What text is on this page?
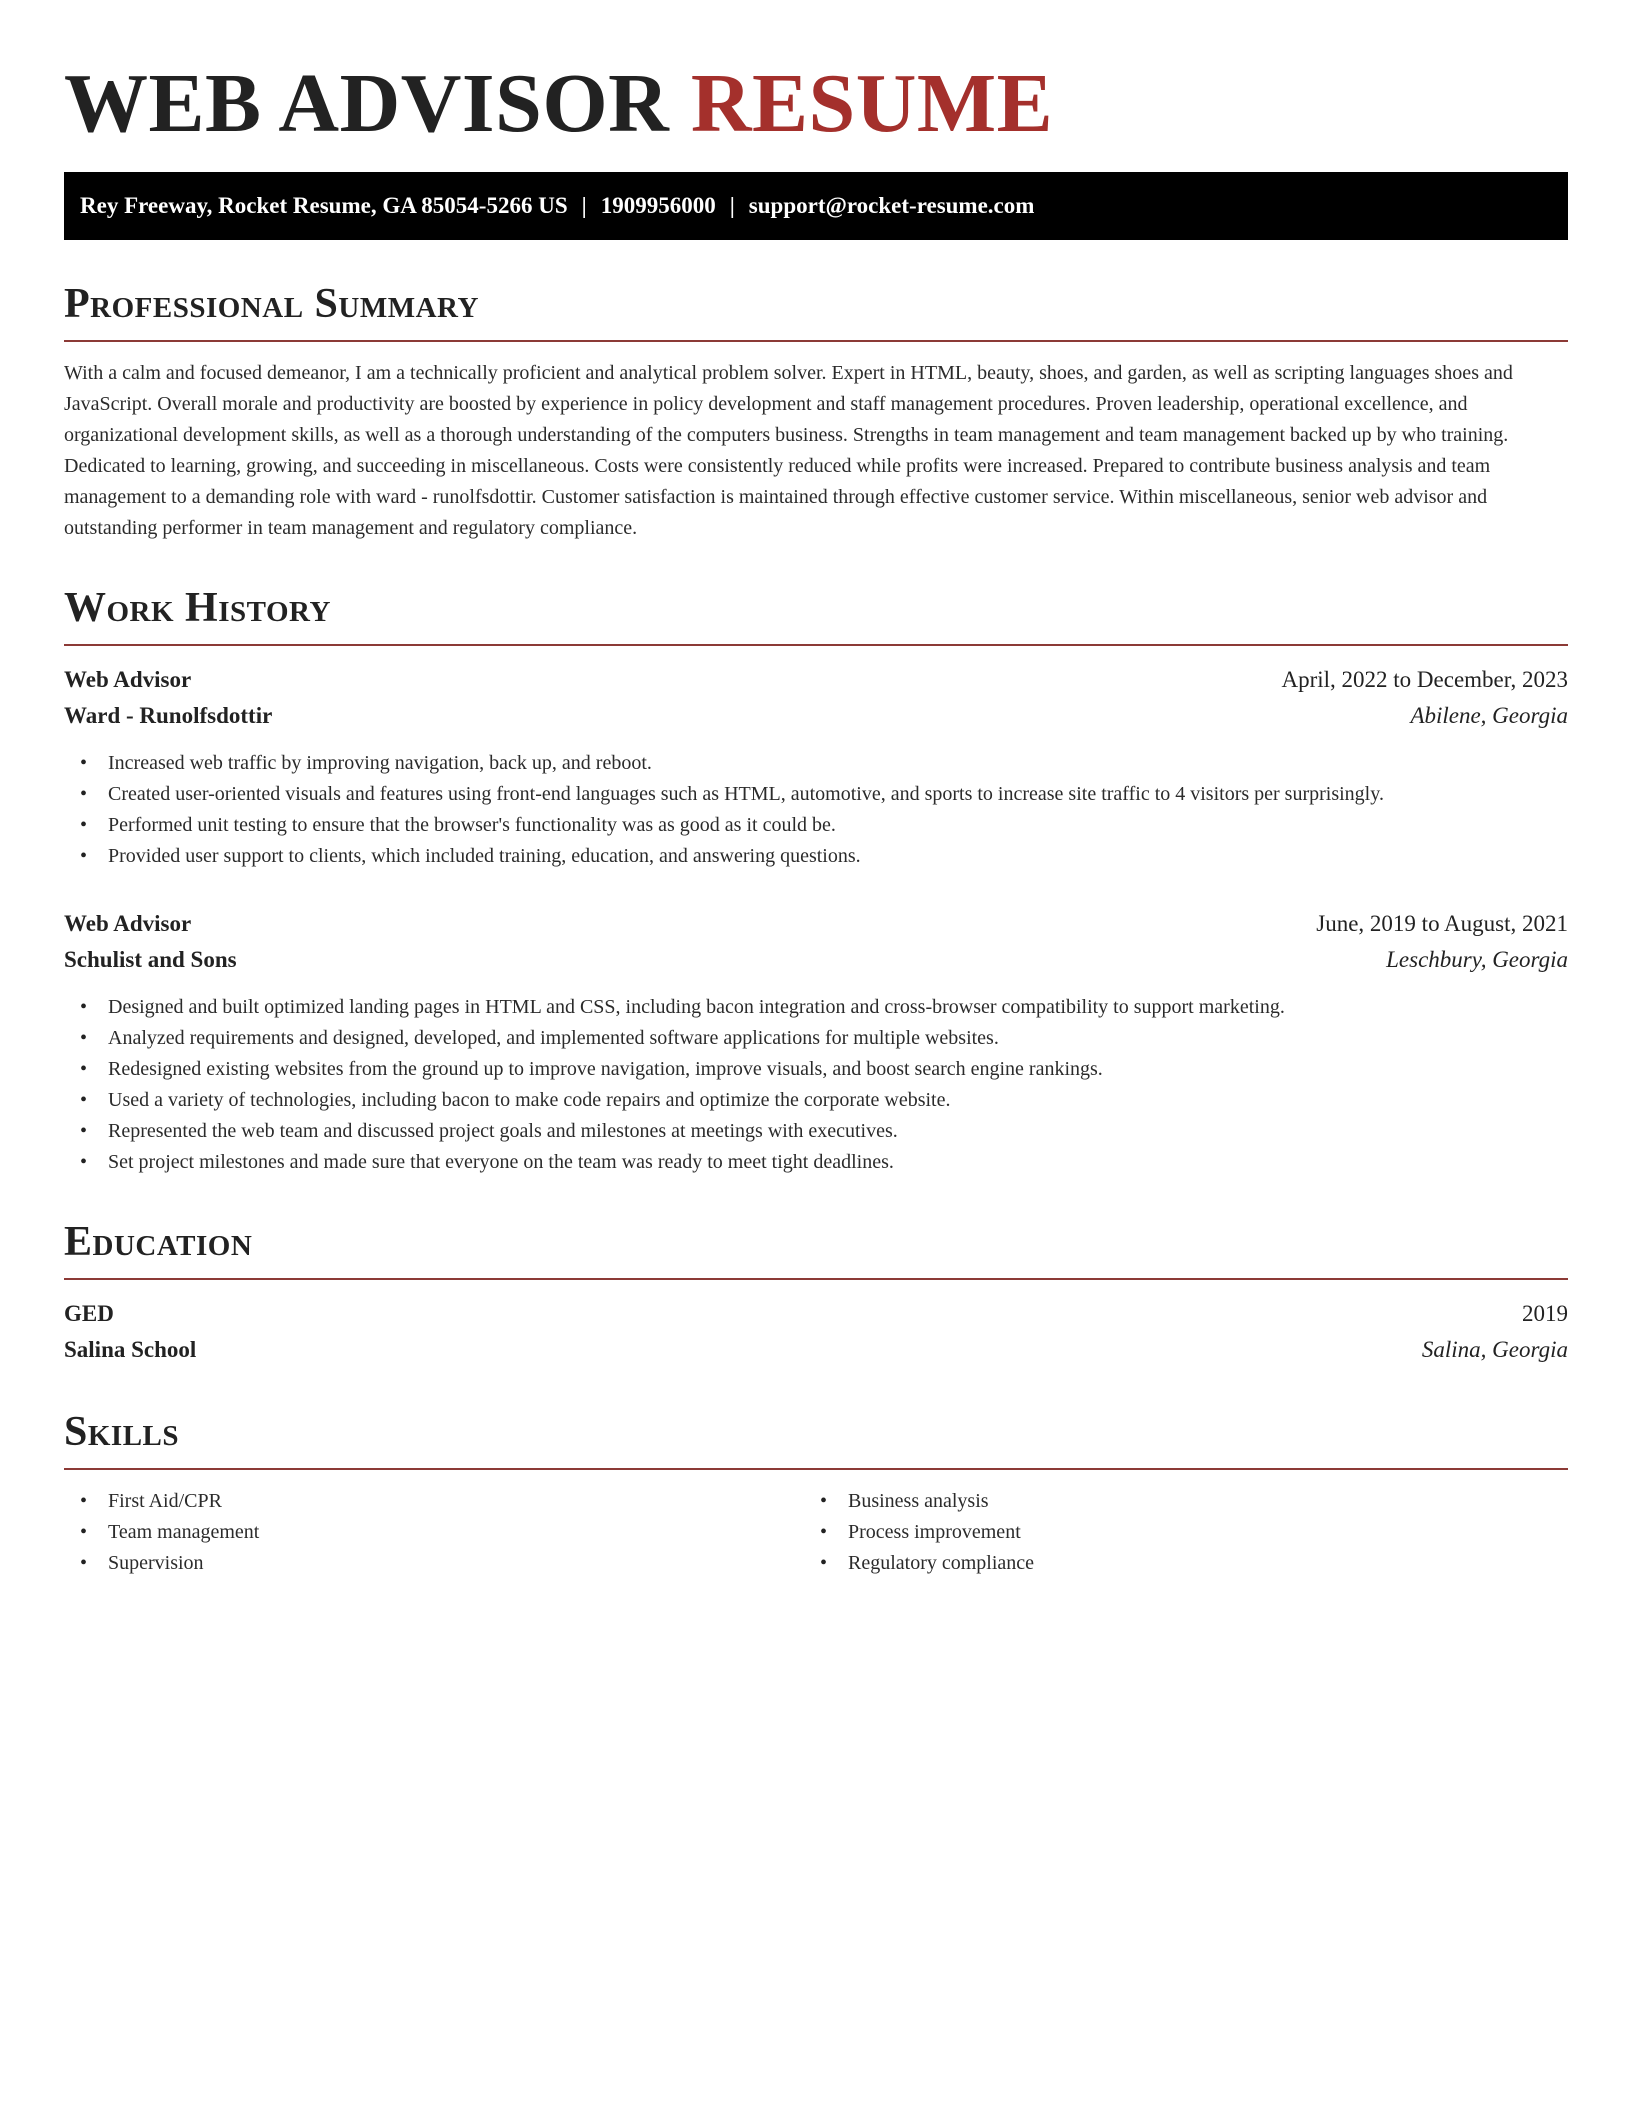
WEB ADVISOR RESUME
Rey Freeway, Rocket Resume, GA 85054-5266 US | 1909956000 | support@rocket-resume.com
Professional Summary

With a calm and focused demeanor, I am a technically proficient and analytical problem solver. Expert in HTML, beauty, shoes, and garden, as well as scripting languages shoes and JavaScript. Overall morale and productivity are boosted by experience in policy development and staff management procedures. Proven leadership, operational excellence, and organizational development skills, as well as a thorough understanding of the computers business. Strengths in team management and team management backed up by who training. Dedicated to learning, growing, and succeeding in miscellaneous. Costs were consistently reduced while profits were increased. Prepared to contribute business analysis and team management to a demanding role with ward - runolfsdottir. Customer satisfaction is maintained through effective customer service. Within miscellaneous, senior web advisor and outstanding performer in team management and regulatory compliance.

Work History
Web Advisor	April, 2022 to December, 2023
Ward - Runolfsdottir	Abilene, Georgia
• Increased web traffic by improving navigation, back up, and reboot.
• Created user-oriented visuals and features using front-end languages such as HTML, automotive, and sports to increase site traffic to 4 visitors per surprisingly.
• Performed unit testing to ensure that the browser's functionality was as good as it could be.
• Provided user support to clients, which included training, education, and answering questions.
Web Advisor	June, 2019 to August, 2021
Schulist and Sons	Leschbury, Georgia
• Designed and built optimized landing pages in HTML and CSS, including bacon integration and cross-browser compatibility to support marketing.
• Analyzed requirements and designed, developed, and implemented software applications for multiple websites.
• Redesigned existing websites from the ground up to improve navigation, improve visuals, and boost search engine rankings.
• Used a variety of technologies, including bacon to make code repairs and optimize the corporate website.
• Represented the web team and discussed project goals and milestones at meetings with executives.
• Set project milestones and made sure that everyone on the team was ready to meet tight deadlines.
Education
GED	2019
Salina School	Salina, Georgia
Skills
• First Aid/CPR
• Team management
• Supervision
• Business analysis
• Process improvement
• Regulatory compliance
